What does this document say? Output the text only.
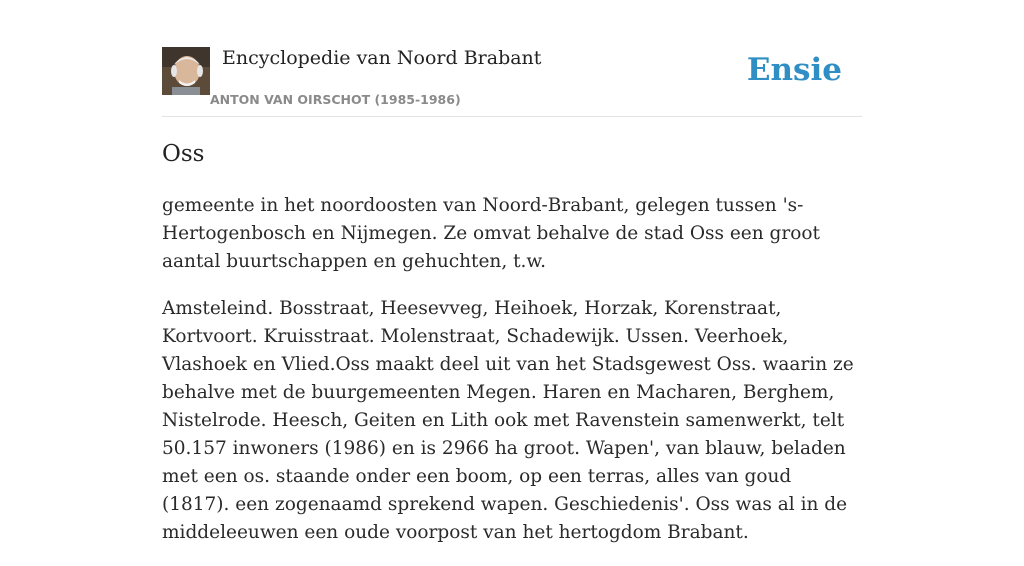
Encyclopedie van Noord Brabant
ANTON VAN OIRSCHOT (1985-1986)
Ensie
Oss

gemeente in het noordoosten van Noord-Brabant, gelegen tussen 's-Hertogenbosch en Nijmegen. Ze omvat behalve de stad Oss een groot aantal buurtschappen en gehuchten, t.w.

Amsteleind. Bosstraat, Heesevveg, Heihoek, Horzak, Korenstraat, Kortvoort. Kruisstraat. Molenstraat, Schadewijk. Ussen. Veerhoek, Vlashoek en Vlied.Oss maakt deel uit van het Stadsgewest Oss. waarin ze behalve met de buurgemeenten Megen. Haren en Macharen, Berghem, Nistelrode. Heesch, Geiten en Lith ook met Ravenstein samenwerkt, telt 50.157 inwoners (1986) en is 2966 ha groot. Wapen', van blauw, beladen met een os. staande onder een boom, op een terras, alles van goud (1817). een zogenaamd sprekend wapen. Geschiedenis'. Oss was al in de middeleeuwen een oude voorpost van het hertogdom Brabant.
